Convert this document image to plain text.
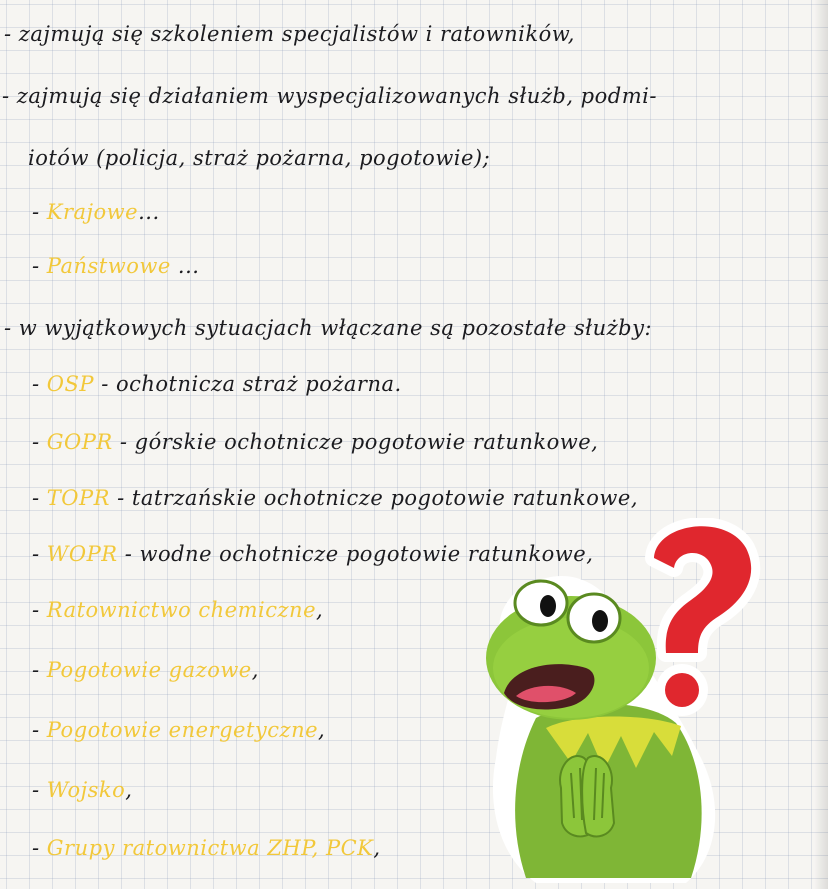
- zajmują się szkoleniem specjalistów i ratowników,
- zajmują się działaniem wyspecjalizowanych służb, podmi-
iotów (policja, straż pożarna, pogotowie);
- Krajowe...
- Państwowe ...
- w wyjątkowych sytuacjach włączane są pozostałe służby:
- OSP - ochotnicza straż pożarna.
- GOPR - górskie ochotnicze pogotowie ratunkowe,
- TOPR - tatrzańskie ochotnicze pogotowie ratunkowe,
- WOPR - wodne ochotnicze pogotowie ratunkowe,
- Ratownictwo chemiczne,
- Pogotowie gazowe,
- Pogotowie energetyczne,
- Wojsko,
- Grupy ratownictwa ZHP, PCK,
